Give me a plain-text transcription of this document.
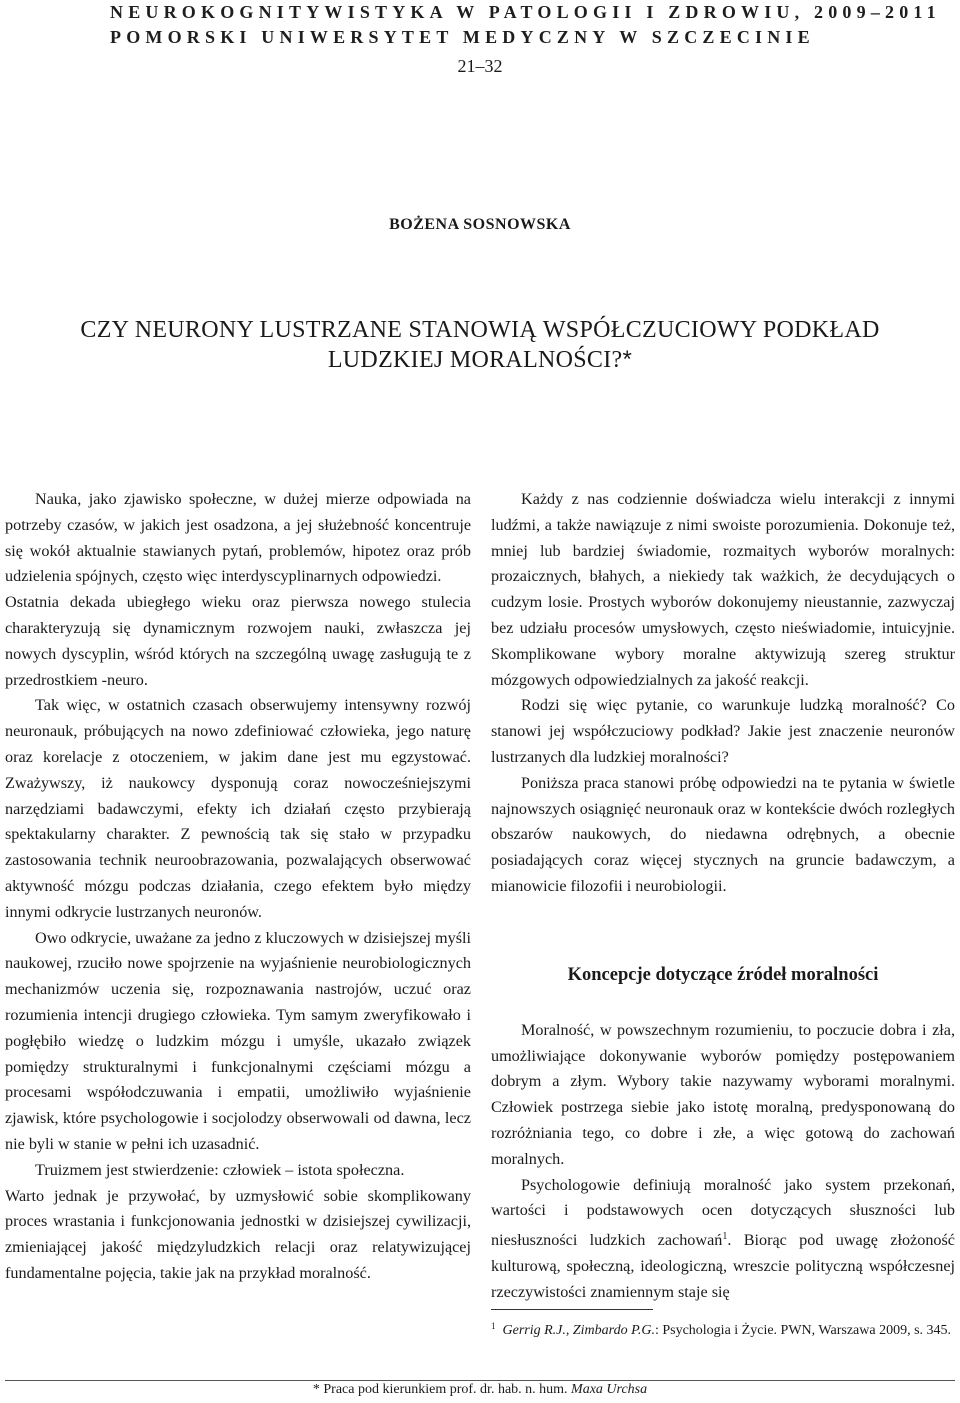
NEUROKOGNITYWISTYKA W PATOLOGII I ZDROWIU, 2009–2011
POMORSKI UNIWERSYTET MEDYCZNY W SZCZECINIE
21–32
BOŻENA SOSNOWSKA
CZY NEURONY LUSTRZANE STANOWIĄ WSPÓŁCZUCIOWY PODKŁAD
LUDZKIEJ MORALNOŚCI?*

Nauka, jako zjawisko społeczne, w dużej mierze odpowiada na potrzeby czasów, w jakich jest osadzona, a jej służebność koncentruje się wokół aktualnie stawianych pytań, problemów, hipotez oraz prób udzielenia spójnych, często więc interdyscyplinarnych odpowiedzi.

Ostatnia dekada ubiegłego wieku oraz pierwsza nowego stulecia charakteryzują się dynamicznym rozwojem nauki, zwłaszcza jej nowych dyscyplin, wśród których na szczególną uwagę zasługują te z przedrostkiem -neuro.

Tak więc, w ostatnich czasach obserwujemy intensywny rozwój neuronauk, próbujących na nowo zdefiniować człowieka, jego naturę oraz korelacje z otoczeniem, w jakim dane jest mu egzystować. Zważywszy, iż naukowcy dysponują coraz nowocześniejszymi narzędziami badawczymi, efekty ich działań często przybierają spektakularny charakter. Z pewnością tak się stało w przypadku zastosowania technik neuroobrazowania, pozwalających obserwować aktywność mózgu podczas działania, czego efektem było między innymi odkrycie lustrzanych neuronów.

Owo odkrycie, uważane za jedno z kluczowych w dzisiejszej myśli naukowej, rzuciło nowe spojrzenie na wyjaśnienie neurobiologicznych mechanizmów uczenia się, rozpoznawania nastrojów, uczuć oraz rozumienia intencji drugiego człowieka. Tym samym zweryfikowało i pogłębiło wiedzę o ludzkim mózgu i umyśle, ukazało związek pomiędzy strukturalnymi i funkcjonalnymi częściami mózgu a procesami współodczuwania i empatii, umożliwiło wyjaśnienie zjawisk, które psychologowie i socjolodzy obserwowali od dawna, lecz nie byli w stanie w pełni ich uzasadnić.

Truizmem jest stwierdzenie: człowiek – istota społeczna.

Warto jednak je przywołać, by uzmysłowić sobie skomplikowany proces wrastania i funkcjonowania jednostki w dzisiejszej cywilizacji, zmieniającej jakość międzyludzkich relacji oraz relatywizującej fundamentalne pojęcia, takie jak na przykład moralność.

Każdy z nas codziennie doświadcza wielu interakcji z innymi ludźmi, a także nawiązuje z nimi swoiste porozumienia. Dokonuje też, mniej lub bardziej świadomie, rozmaitych wyborów moralnych: prozaicznych, błahych, a niekiedy tak ważkich, że decydujących o cudzym losie. Prostych wyborów dokonujemy nieustannie, zazwyczaj bez udziału procesów umysłowych, często nieświadomie, intuicyjnie. Skomplikowane wybory moralne aktywizują szereg struktur mózgowych odpowiedzialnych za jakość reakcji.

Rodzi się więc pytanie, co warunkuje ludzką moralność? Co stanowi jej współczuciowy podkład? Jakie jest znaczenie neuronów lustrzanych dla ludzkiej moralności?

Poniższa praca stanowi próbę odpowiedzi na te pytania w świetle najnowszych osiągnięć neuronauk oraz w kontekście dwóch rozległych obszarów naukowych, do niedawna odrębnych, a obecnie posiadających coraz więcej stycznych na gruncie badawczym, a mianowicie filozofii i neurobiologii.

Koncepcje dotyczące źródeł moralności

Moralność, w powszechnym rozumieniu, to poczucie dobra i zła, umożliwiające dokonywanie wyborów pomiędzy postępowaniem dobrym a złym. Wybory takie nazywamy wyborami moralnymi. Człowiek postrzega siebie jako istotę moralną, predysponowaną do rozróżniania tego, co dobre i złe, a więc gotową do zachowań moralnych.

Psychologowie definiują moralność jako system przekonań, wartości i podstawowych ocen dotyczących słuszności lub niesłuszności ludzkich zachowań$^1$. Biorąc pod uwagę złożoność kulturową, społeczną, ideologiczną, wreszcie polityczną współczesnej rzeczywistości znamiennym staje się

$^1$ Gerrig R.J., Zimbardo P.G.: Psychologia i Życie. PWN, Warszawa 2009, s. 345.
* Praca pod kierunkiem prof. dr. hab. n. hum. Maxa Urchsa
